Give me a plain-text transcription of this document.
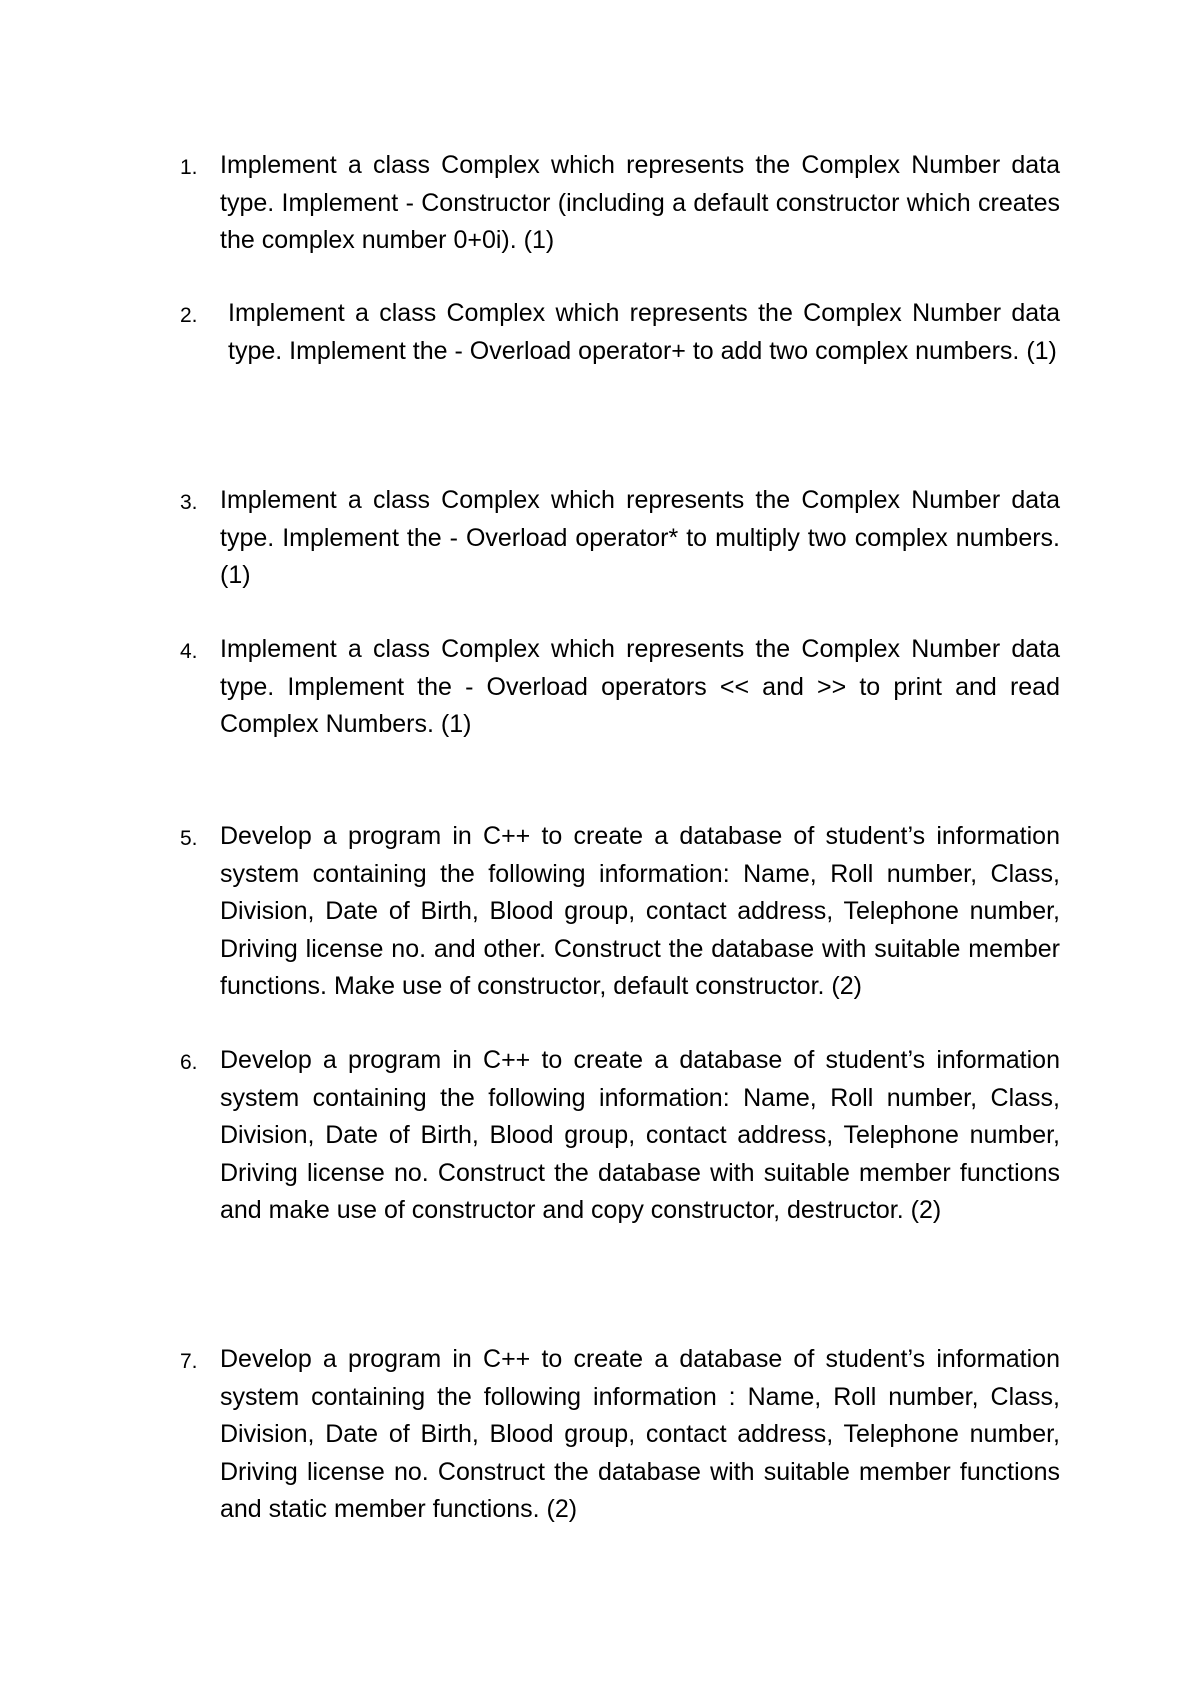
1. Implement a class Complex which represents the Complex Number data type. Implement - Constructor (including a default constructor which creates the complex number 0+0i). (1)
2.	Implement a class Complex which represents the Complex Number data type. Implement the - Overload operator+ to add two complex numbers. (1)
3. Implement a class Complex which represents the Complex Number data type. Implement the - Overload operator* to multiply two complex numbers. (1)
4. Implement a class Complex which represents the Complex Number data type. Implement the - Overload operators << and >> to print and read Complex Numbers. (1)
5. Develop a program in C++ to create a database of student’s information system containing the following information: Name, Roll number, Class, Division, Date of Birth, Blood group, contact address, Telephone number, Driving license no. and other. Construct the database with suitable member functions. Make use of constructor, default constructor. (2)
6. Develop a program in C++ to create a database of student’s information system containing the following information: Name, Roll number, Class, Division, Date of Birth, Blood group, contact address, Telephone number, Driving license no. Construct the database with suitable member functions and make use of constructor and copy constructor, destructor. (2)
7. Develop a program in C++ to create a database of student’s information system containing the following information : Name, Roll number, Class, Division, Date of Birth, Blood group, contact address, Telephone number, Driving license no. Construct the database with suitable member functions and static member functions. (2)
